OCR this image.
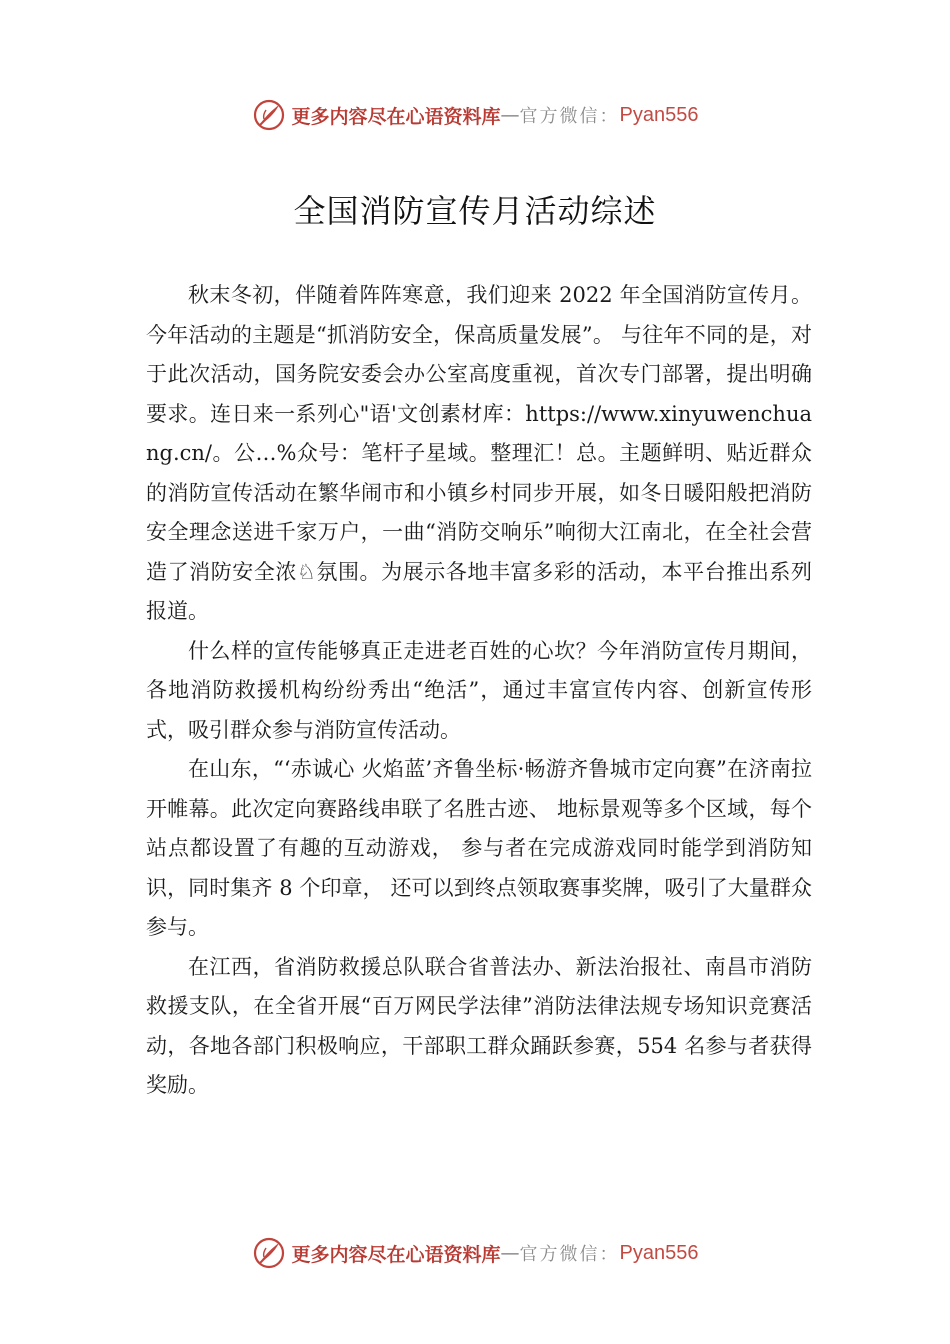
更多内容尽在心语资料库 — 官方微信： Pyan556
全国消防宣传月活动综述

秋末冬初，伴随着阵阵寒意，我们迎来 2022 年全国消防宣传月。今年活动的主题是“抓消防安全，保高质量发展”。 与往年不同的是，对于此次活动，国务院安委会办公室高度重视，首次专门部署，提出明确要求。连日来一系列心"语'文创素材库：https://www.xinyuwenchuang.cn/。公…%众号：笔杆子星域。整理汇！总。主题鲜明、贴近群众的消防宣传活动在繁华闹市和小镇乡村同步开展，如冬日暖阳般把消防安全理念送进千家万户，一曲“消防交响乐”响彻大江南北，在全社会营造了消防安全浓♘氛围。为展示各地丰富多彩的活动，本平台推出系列报道。

什么样的宣传能够真正走进老百姓的心坎？今年消防宣传月期间，各地消防救援机构纷纷秀出“绝活”，通过丰富宣传内容、创新宣传形式，吸引群众参与消防宣传活动。

在山东，“‘赤诚心 火焰蓝’齐鲁坐标·畅游齐鲁城市定向赛”在济南拉开帷幕。此次定向赛路线串联了名胜古迹、 地标景观等多个区域，每个站点都设置了有趣的互动游戏， 参与者在完成游戏同时能学到消防知识，同时集齐 8 个印章， 还可以到终点领取赛事奖牌，吸引了大量群众参与。

在江西，省消防救援总队联合省普法办、新法治报社、南昌市消防救援支队，在全省开展“百万网民学法律”消防法律法规专场知识竞赛活动，各地各部门积极响应，干部职工群众踊跃参赛，554 名参与者获得奖励。

更多内容尽在心语资料库 — 官方微信： Pyan556
